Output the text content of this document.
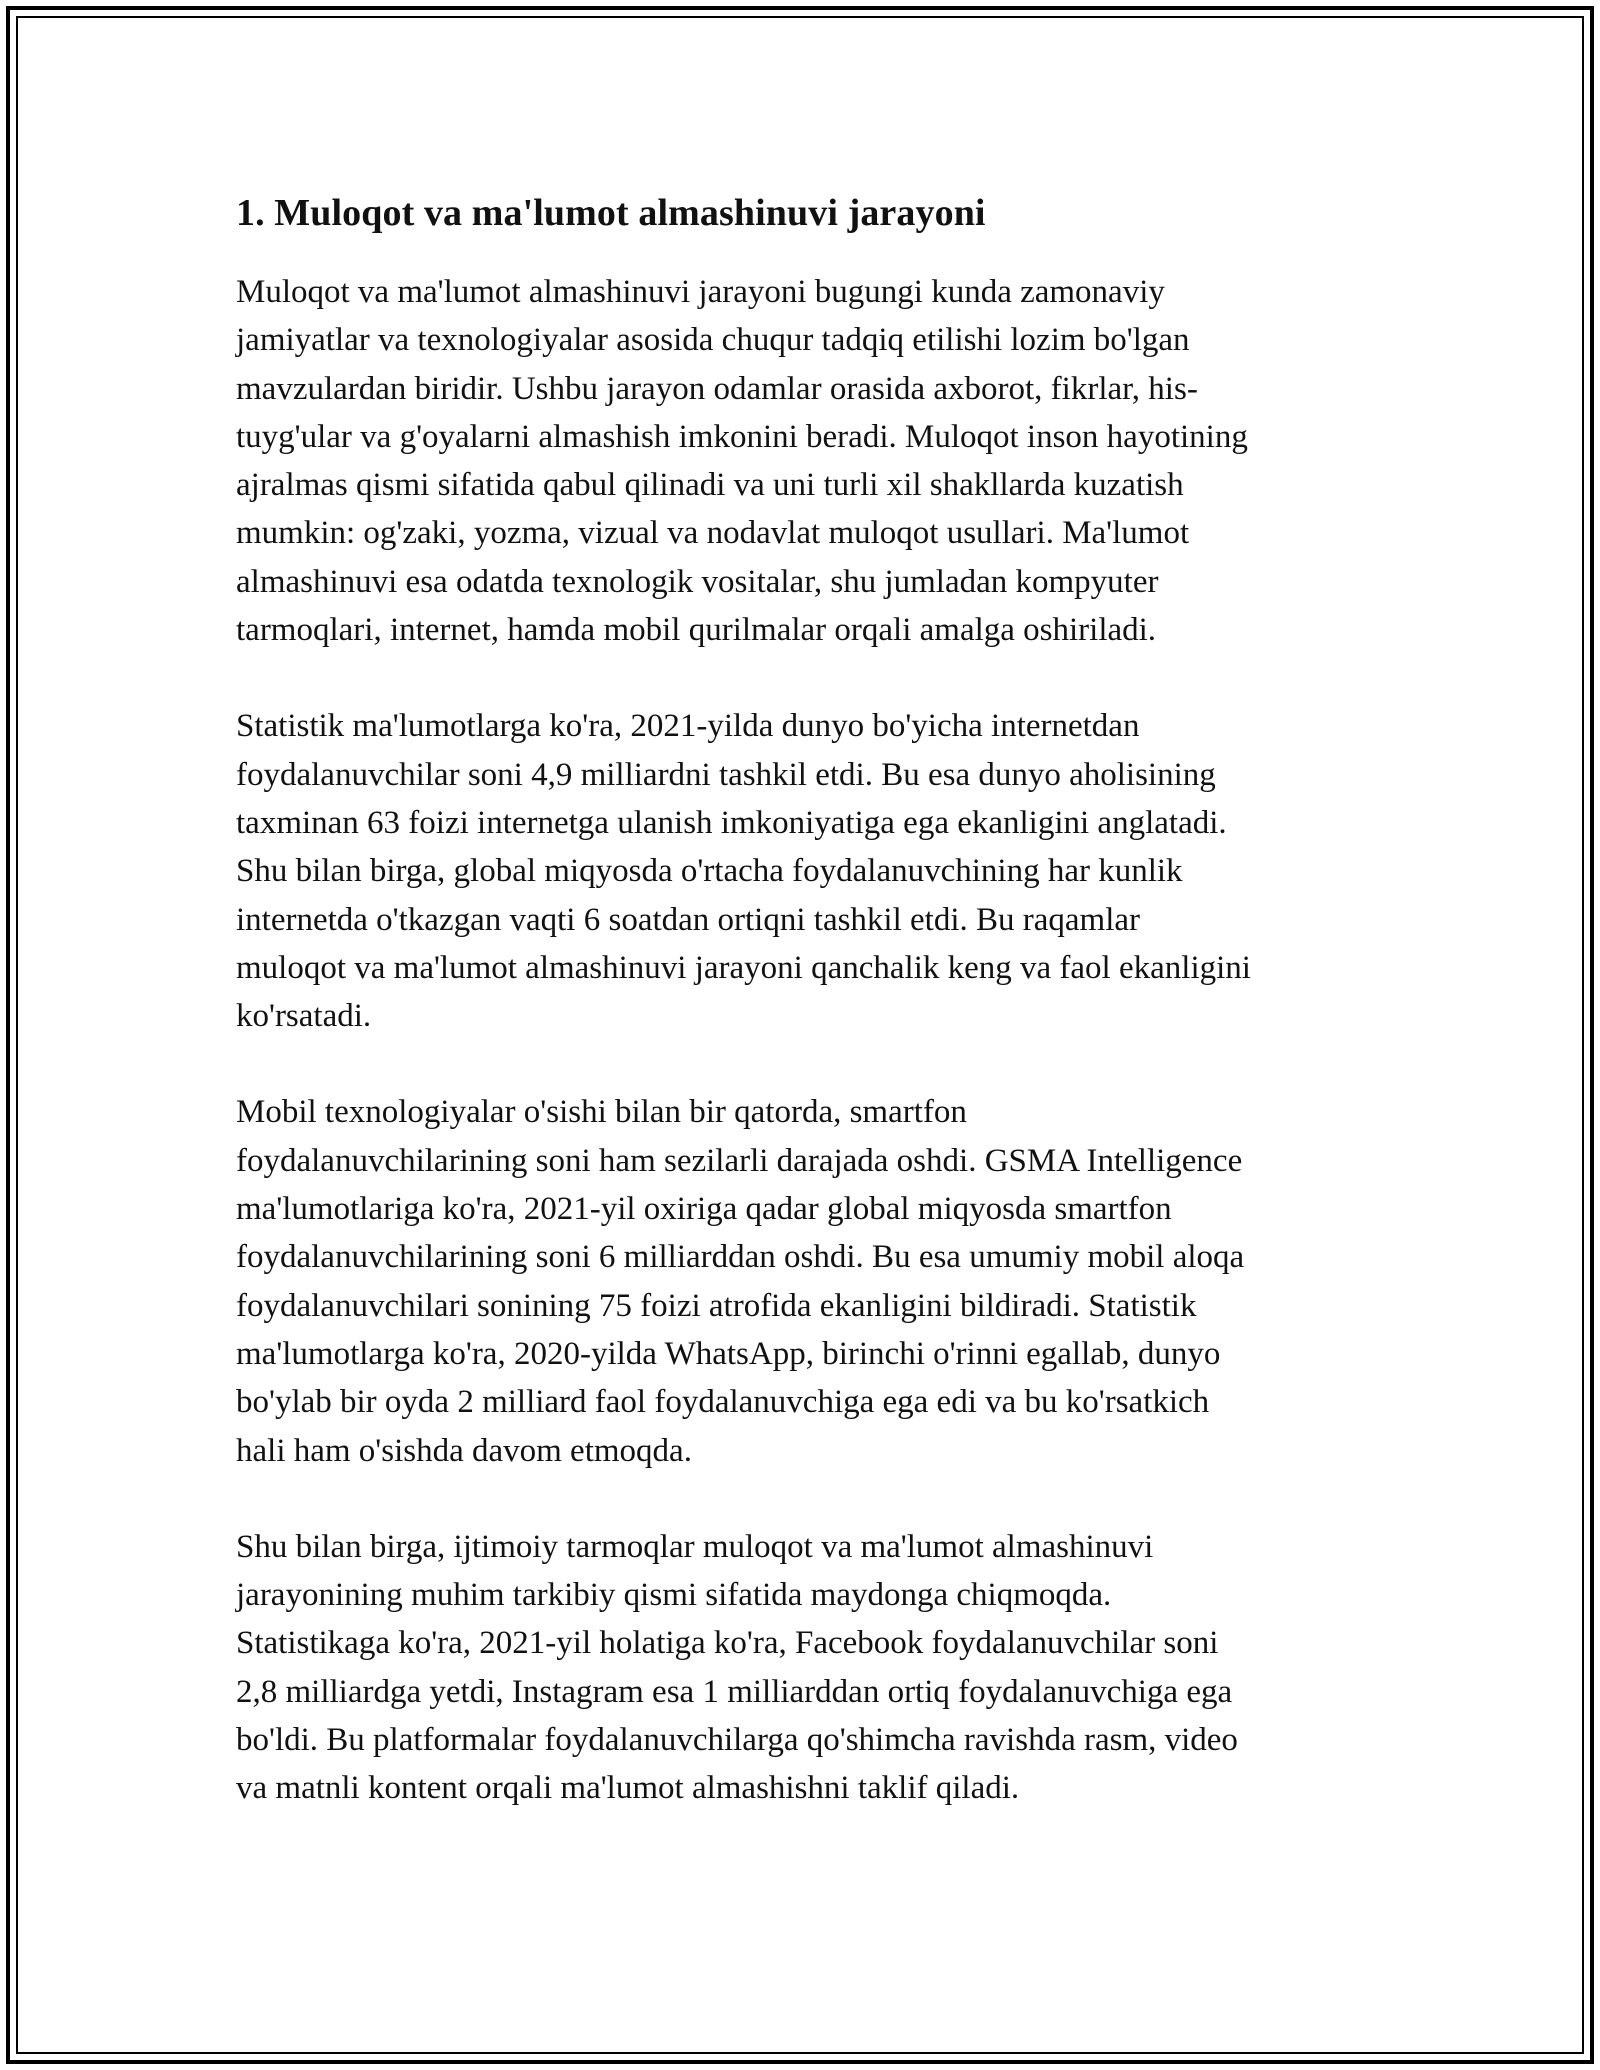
1. Muloqot va ma'lumot almashinuvi jarayoni

Muloqot va ma'lumot almashinuvi jarayoni bugungi kunda zamonaviy
jamiyatlar va texnologiyalar asosida chuqur tadqiq etilishi lozim bo'lgan
mavzulardan biridir. Ushbu jarayon odamlar orasida axborot, fikrlar, his-
tuyg'ular va g'oyalarni almashish imkonini beradi. Muloqot inson hayotining
ajralmas qismi sifatida qabul qilinadi va uni turli xil shakllarda kuzatish
mumkin: og'zaki, yozma, vizual va nodavlat muloqot usullari. Ma'lumot
almashinuvi esa odatda texnologik vositalar, shu jumladan kompyuter
tarmoqlari, internet, hamda mobil qurilmalar orqali amalga oshiriladi.

Statistik ma'lumotlarga ko'ra, 2021-yilda dunyo bo'yicha internetdan
foydalanuvchilar soni 4,9 milliardni tashkil etdi. Bu esa dunyo aholisining
taxminan 63 foizi internetga ulanish imkoniyatiga ega ekanligini anglatadi.
Shu bilan birga, global miqyosda o'rtacha foydalanuvchining har kunlik
internetda o'tkazgan vaqti 6 soatdan ortiqni tashkil etdi. Bu raqamlar
muloqot va ma'lumot almashinuvi jarayoni qanchalik keng va faol ekanligini
ko'rsatadi.

Mobil texnologiyalar o'sishi bilan bir qatorda, smartfon
foydalanuvchilarining soni ham sezilarli darajada oshdi. GSMA Intelligence
ma'lumotlariga ko'ra, 2021-yil oxiriga qadar global miqyosda smartfon
foydalanuvchilarining soni 6 milliarddan oshdi. Bu esa umumiy mobil aloqa
foydalanuvchilari sonining 75 foizi atrofida ekanligini bildiradi. Statistik
ma'lumotlarga ko'ra, 2020-yilda WhatsApp, birinchi o'rinni egallab, dunyo
bo'ylab bir oyda 2 milliard faol foydalanuvchiga ega edi va bu ko'rsatkich
hali ham o'sishda davom etmoqda.

Shu bilan birga, ijtimoiy tarmoqlar muloqot va ma'lumot almashinuvi
jarayonining muhim tarkibiy qismi sifatida maydonga chiqmoqda.
Statistikaga ko'ra, 2021-yil holatiga ko'ra, Facebook foydalanuvchilar soni
2,8 milliardga yetdi, Instagram esa 1 milliarddan ortiq foydalanuvchiga ega
bo'ldi. Bu platformalar foydalanuvchilarga qo'shimcha ravishda rasm, video
va matnli kontent orqali ma'lumot almashishni taklif qiladi.
